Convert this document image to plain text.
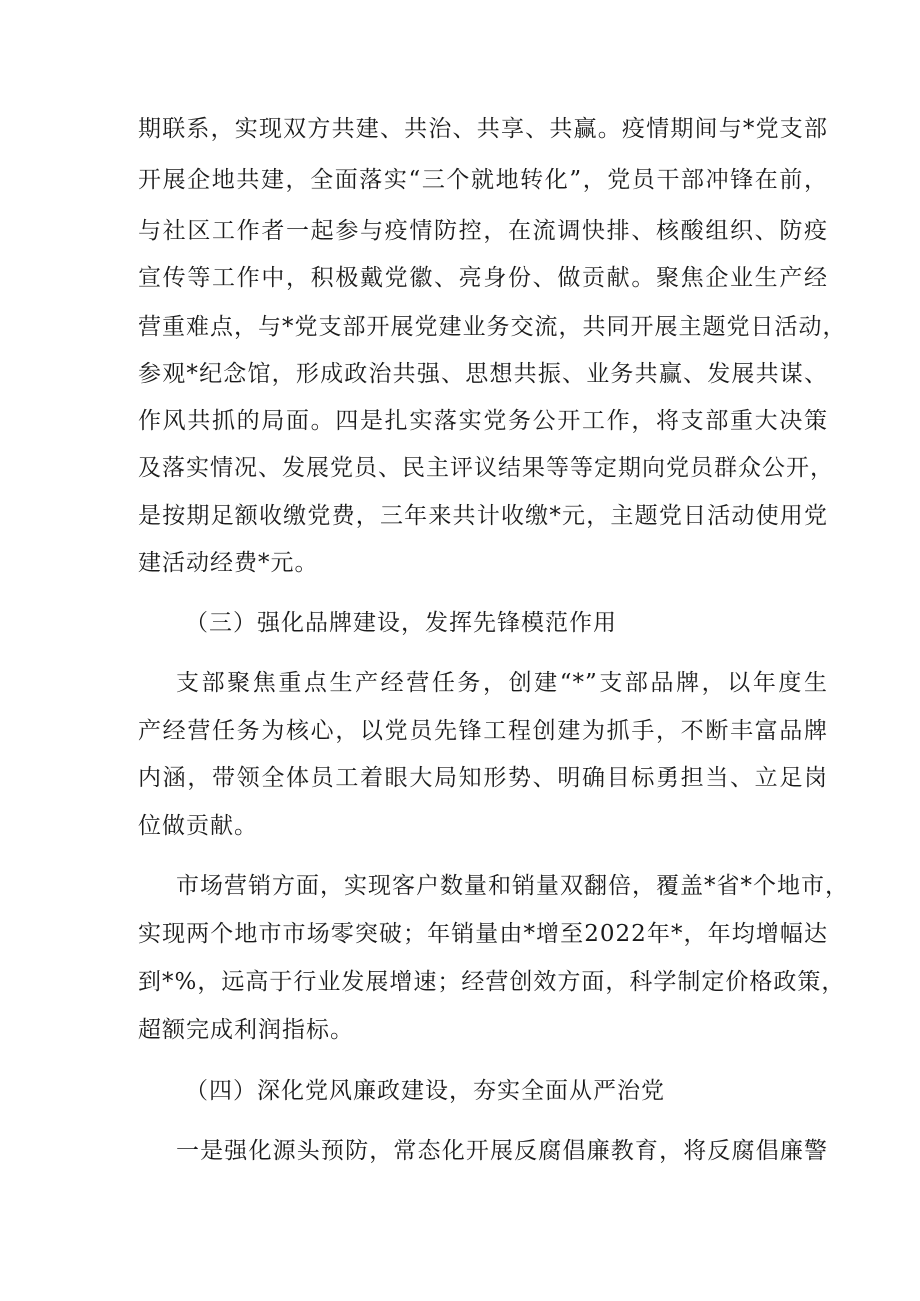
期联系，实现双方共建、共治、共享、共赢。疫情期间与*党支部
开展企地共建，全面落实“三个就地转化”，党员干部冲锋在前，
与社区工作者一起参与疫情防控，在流调快排、核酸组织、防疫
宣传等工作中，积极戴党徽、亮身份、做贡献。聚焦企业生产经
营重难点，与*党支部开展党建业务交流，共同开展主题党日活动，
参观*纪念馆，形成政治共强、思想共振、业务共赢、发展共谋、
作风共抓的局面。四是扎实落实党务公开工作，将支部重大决策
及落实情况、发展党员、民主评议结果等等定期向党员群众公开，
是按期足额收缴党费，三年来共计收缴*元，主题党日活动使用党
建活动经费*元。
（三）强化品牌建设，发挥先锋模范作用
支部聚焦重点生产经营任务，创建“*”支部品牌，以年度生
产经营任务为核心，以党员先锋工程创建为抓手，不断丰富品牌
内涵，带领全体员工着眼大局知形势、明确目标勇担当、立足岗
位做贡献。
市场营销方面，实现客户数量和销量双翻倍，覆盖*省*个地市，
实现两个地市市场零突破；年销量由*增至2022年*，年均增幅达
到*%，远高于行业发展增速；经营创效方面，科学制定价格政策，
超额完成利润指标。
（四）深化党风廉政建设，夯实全面从严治党
一是强化源头预防，常态化开展反腐倡廉教育，将反腐倡廉警
